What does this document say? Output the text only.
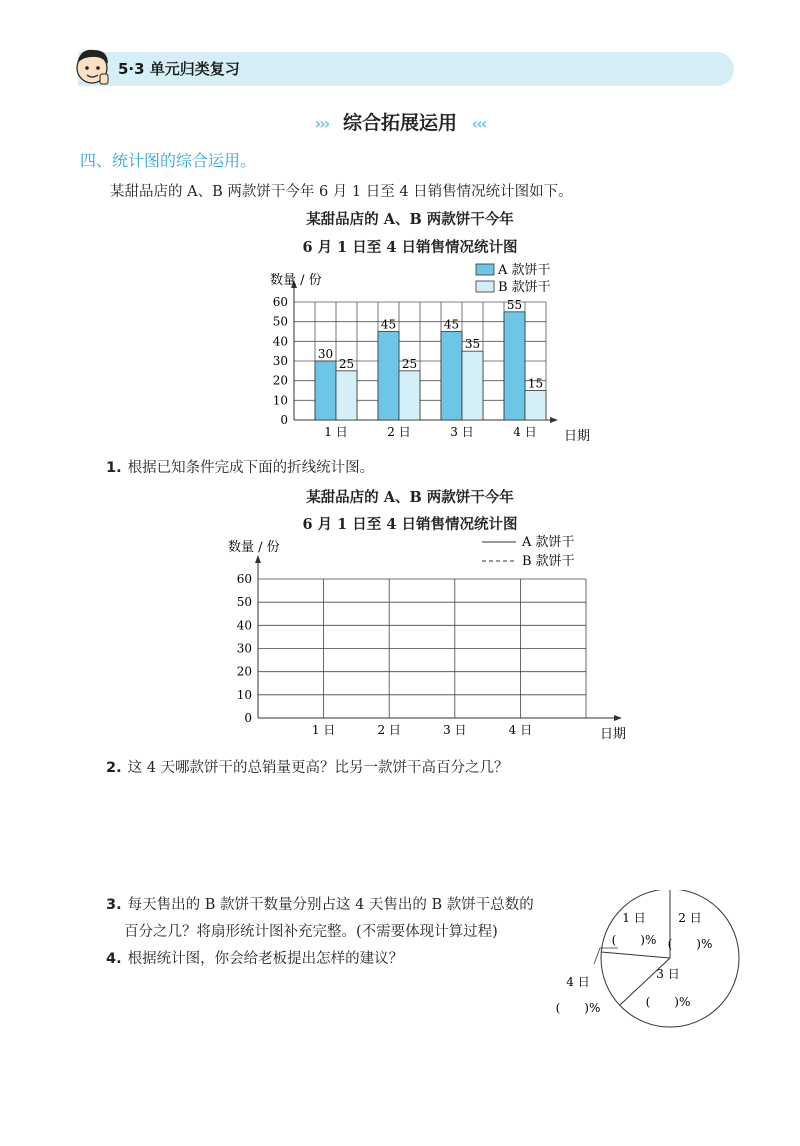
5·3 单元归类复习
››› 综合拓展运用 ‹‹‹
四、统计图的综合运用。
某甜品店的 A、B 两款饼干今年 6 月 1 日至 4 日销售情况统计图如下。
某甜品店的 A、B 两款饼干今年
6 月 1 日至 4 日销售情况统计图
0
10
20
30
40
50
60
数量 / 份
日期
30
25
1 日
45
25
2 日
45
35
3 日
55
15
4 日
A 款饼干
B 款饼干
1. 根据已知条件完成下面的折线统计图。
某甜品店的 A、B 两款饼干今年
6 月 1 日至 4 日销售情况统计图
0
10
20
30
40
50
60
数量 / 份
日期
1 日	2 日	3 日	4 日
A 款饼干
B 款饼干
2. 这 4 天哪款饼干的总销量更高？比另一款饼干高百分之几？
3. 每天售出的 B 款饼干数量分别占这 4 天售出的 B 款饼干总数的
百分之几？将扇形统计图补充完整。(不需要体现计算过程)
4. 根据统计图，你会给老板提出怎样的建议？
1 日
(　　)%
2 日
(　　)%
3 日
(　　)%
4 日
(　　)%
